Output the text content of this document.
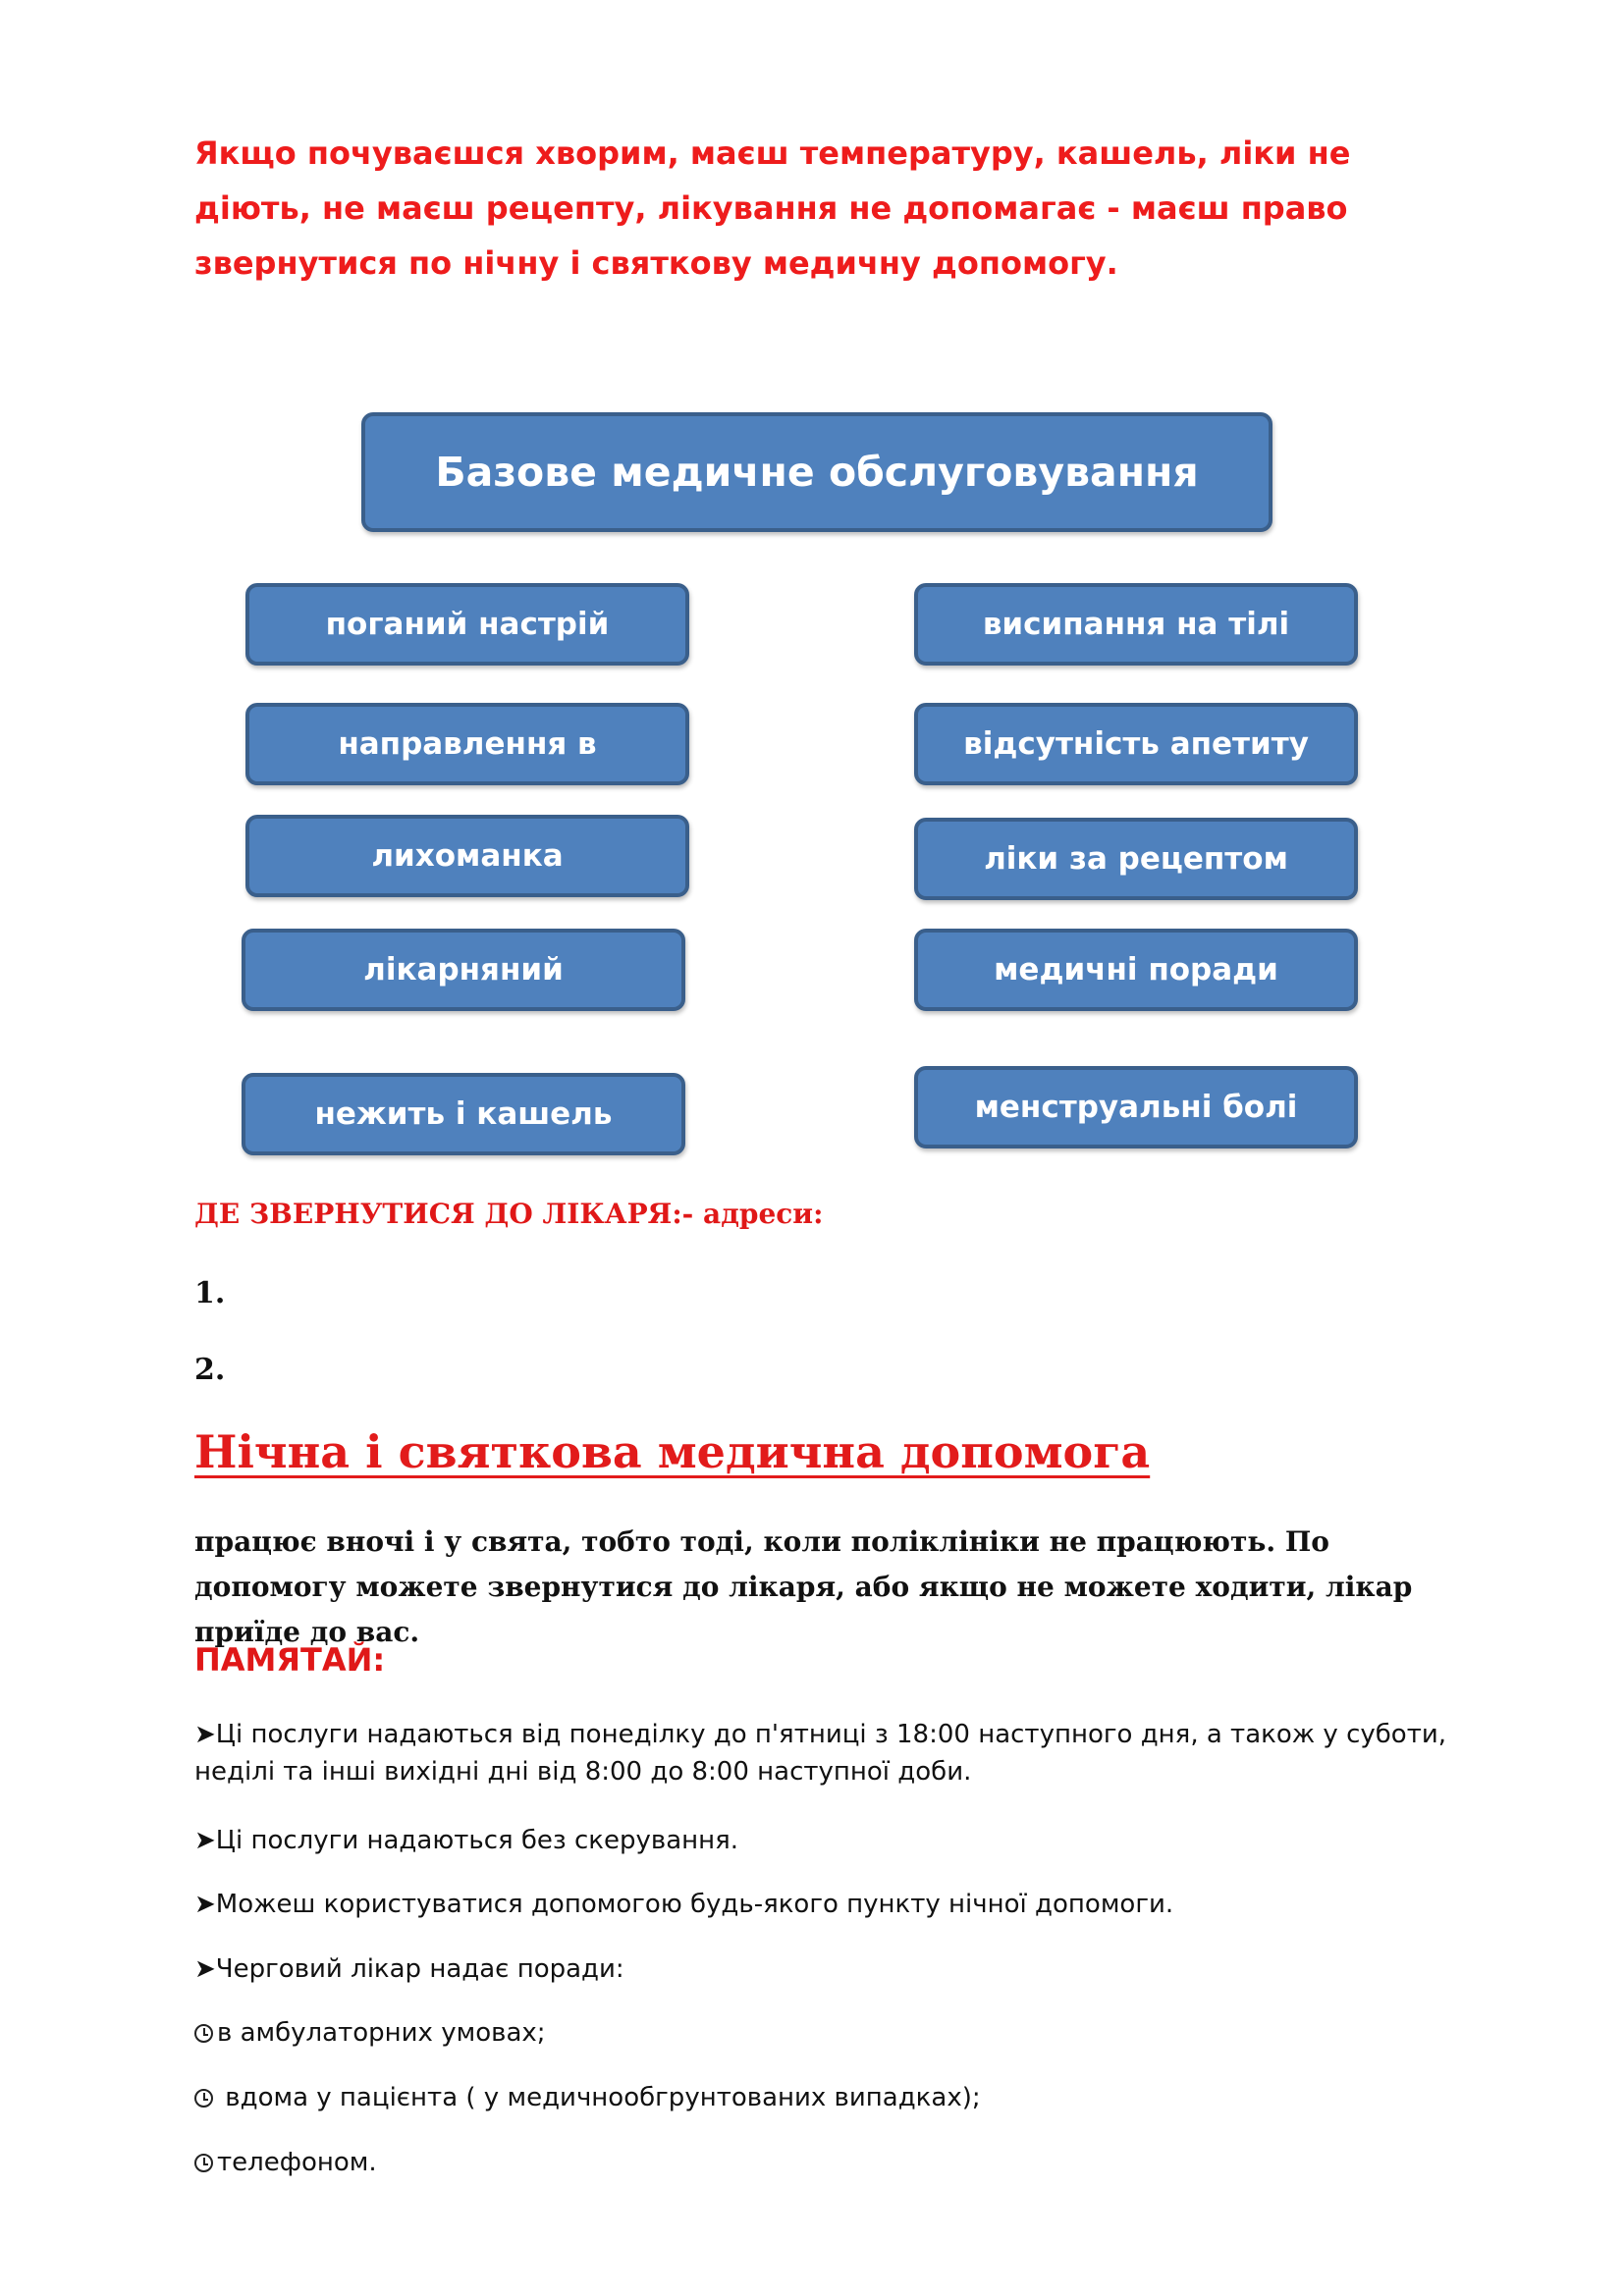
Якщо почуваєшся хворим, маєш температуру, кашель, ліки не діють, не маєш рецепту, лікування не допомагає - маєш право звернутися по нічну і святкову медичну допомогу.

Базове медичне обслуговування
поганий настрій
направлення в
лихоманка
лікарняний
нежить і кашель
висипання на тілі
відсутність апетиту
ліки за рецептом
медичні поради
менструальні болі

ДЕ ЗВЕРНУТИСЯ ДО ЛІКАРЯ:- адреси:

1.

2.

Нічна і святкова медична допомога

працює вночі і у свята, тобто тоді, коли поліклініки не працюють. По допомогу можете звернутися до лікаря, або якщо не можете ходити, лікар приїде до вас.

ПАМЯТАЙ:

➤Ці послуги надаються від понеділку до п'ятниці з 18:00 наступного дня, а також у суботи, неділі та інші вихідні дні від 8:00 до 8:00 наступної доби.

➤Ці послуги надаються без скерування.

➤Можеш користуватися допомогою будь-якого пункту нічної допомоги.

➤Черговий лікар надає поради:

в амбулаторних умовах;

вдома у пацієнта ( у медичнообгрунтованих випадках);

телефоном.
